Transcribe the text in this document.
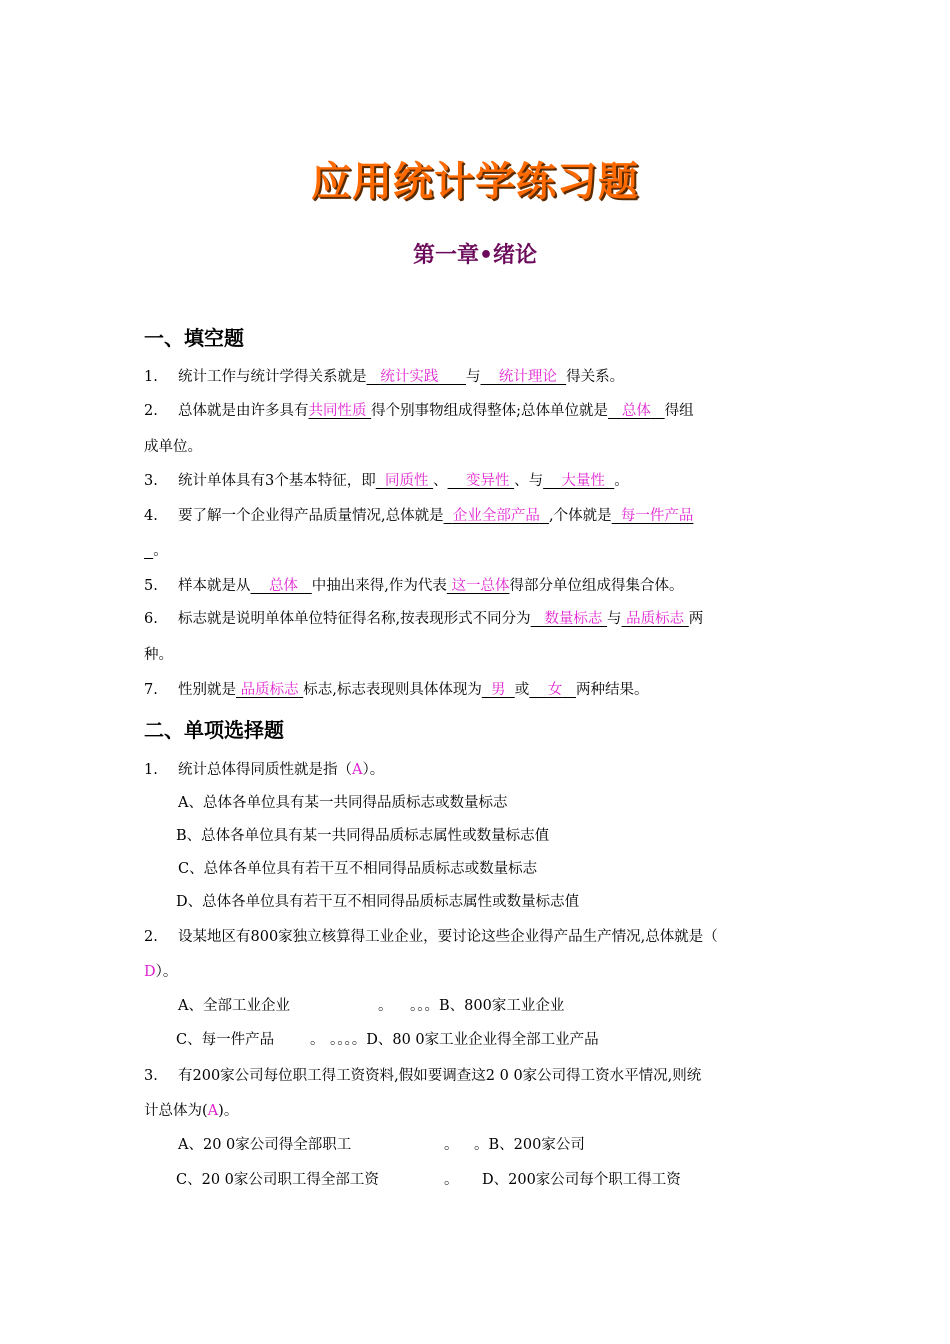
应用统计学练习题
第一章•绪论
一、填空题
1. 统计工作与统计学得关系就是 统计实践 与 统计理论 得关系。
2. 总体就是由许多具有共同性质 得个别事物组成得整体;总体单位就是 总体 得组
成单位。
3. 统计单体具有3个基本特征，即 同质性 、 变异性 、与 大量性 。
4. 要了解一个企业得产品质量情况,总体就是 企业全部产品 ,个体就是 每一件产品
。
5. 样本就是从 总体 中抽出来得,作为代表 这一总体得部分单位组成得集合体。
6. 标志就是说明单体单位特征得名称,按表现形式不同分为 数量标志 与 品质标志 两
种。
7. 性别就是 品质标志 标志,标志表现则具体体现为 男 或 女 两种结果。
二、单项选择题
1. 统计总体得同质性就是指（A）。
A、总体各单位具有某一共同得品质标志或数量标志
B、总体各单位具有某一共同得品质标志属性或数量标志值
C、总体各单位具有若干互不相同得品质标志或数量标志
D、总体各单位具有若干互不相同得品质标志属性或数量标志值
2. 设某地区有800家独立核算得工业企业，要讨论这些企业得产品生产情况,总体就是（
D）。
A、全部工业企业	。 。。。B、800家工业企业
C、每一件产品 。 。。。。D、80 0家工业企业得全部工业产品
3. 有200家公司每位职工得工资资料,假如要调查这2 0 0家公司得工资水平情况,则统
计总体为(A)。
A、20 0家公司得全部职工	。 。B、200家公司
C、20 0家公司职工得全部工资	。 D、200家公司每个职工得工资
